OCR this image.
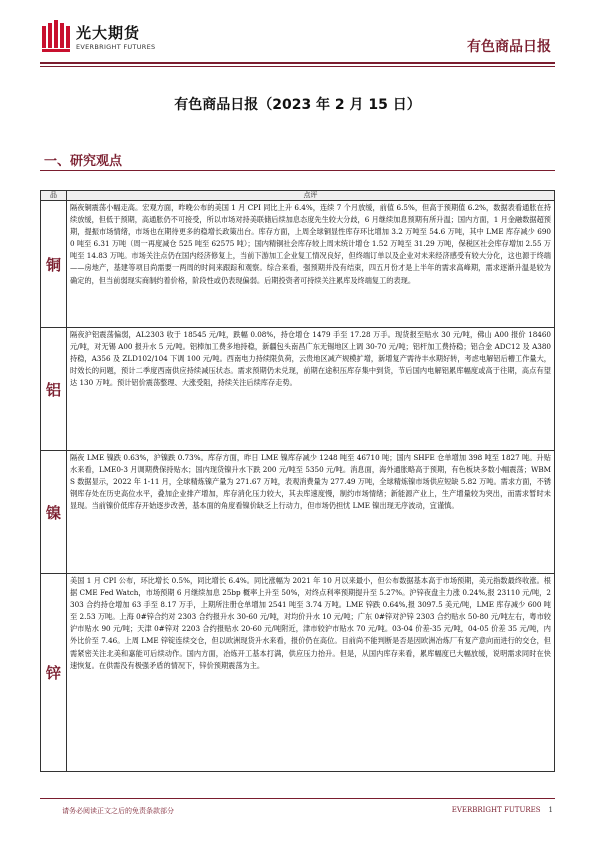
光大期货
EVERBRIGHT FUTURES	有色商品日报
有色商品日报（2023 年 2 月 15 日）
一、研究观点
品	点评
铜	隔夜铜震荡小幅走高。宏观方面，昨晚公布的美国 1 月 CPI 同比上升 6.4%，连续 7 个月放缓，前值 6.5%，但高于预期值 6.2%，数据表看通胀在持续放缓，但低于预期，高通胀仍不可接受，所以市场对持美联储后续加息态度先生较大分歧，6 月继续加息预期有所升温；国内方面，1 月金融数据超预期，提振市场情绪，市场也在期待更多的稳增长政策出台。库存方面，上周全球铜显性库存环比增加 3.2 万吨至 54.6 万吨，其中 LME 库存减少 6900 吨至 6.31 万吨（周一再度减仓 525 吨至 62575 吨）；国内精铜社会库存较上周末统计增仓 1.52 万吨至 31.29 万吨，保税区社会库存增加 2.55 万吨至 14.83 万吨。市场关注点仍在国内经济修复上，当前下游加工企业复工情况良好，但终端订单以及企业对未来经济感受有较大分化，这也源于终端——房地产，基建等项目尚需要一两周的时间来跟踪和观察。综合来看，强预期并没有结束，四五月份才是上半年的需求高峰期，需求逐渐升温是较为确定的，但当前弱现实商制约着价格，阶段性或仍表现偏弱。后期投资者可持续关注累库及终端复工的表现。

铝	隔夜沪铝震荡偏弱，AL2303 收于 18545 元/吨，跌幅 0.08%，持仓增仓 1479 手至 17.28 万手。现货报至贴水 30 元/吨，佛山 A00 报价 18460 元/吨，对无锡 A00 报升水 5 元/吨。铝棒加工费多地持稳，新疆包头南昌广东无锡地区上调 30-70 元/吨；铝杆加工费持稳；铝合金 ADC12 及 A380 持稳，A356 及 ZLD102/104 下调 100 元/吨。西南电力持续限负荷，云贵地区减产规模扩增，新增复产需待丰水期好转，考虑电解铝后槽工作量大，时效长的问题，预计二季度西南供应持续减压状态。需求预期仍未兑现，前期在途积压库存集中到货，节后国内电解铝累库幅度或高于往期，高点有望达 130 万吨。预计铝价震荡整理、大涨受阻，持续关注后续库存走势。

镍	隔夜 LME 镍跌 0.63%，沪镍跌 0.73%。库存方面，昨日 LME 镍库存减少 1248 吨至 46710 吨；国内 SHFE 仓单增加 398 吨至 1827 吨。升贴水来看，LME0-3 月调期费保持贴水；国内现货镍升水下跌 200 元/吨至 5350 元/吨。消息面，海外通胀略高于预期，有色板块多数小幅震荡；WBMS 数据显示，2022 年 1-11 月，全球精炼镍产量为 271.67 万吨，表观消费量为 277.49 万吨，全球精炼镍市场供应短缺 5.82 万吨。需求方面，不锈钢库存处在历史高位水平，叠加企业排产增加，库存消化压力较大，其去库速度慢，制约市场情绪；新能源产业上，生产增量较为突出，而需求暂时未显现。当前镍价低库存开始逐步改善，基本面的角度看镍价缺乏上行动力，但市场仍担忧 LME 镍出现无序波动，宜谨慎。

锌	美国 1 月 CPI 公布，环比增长 0.5%，同比增长 6.4%。同比涨幅为 2021 年 10 月以来最小，但公布数据基本高于市场预期，美元指数最终收涨。根据 CME Fed Watch，市场预期 6 月继续加息 25bp 概率上升至 50%，对终点利率预期提升至 5.27%。沪锌夜盘主力涨 0.24%,报 23110 元/吨，2303 合约持仓增加 63 手至 8.17 万手，上期所注册仓单增加 2541 吨至 3.74 万吨。LME 锌跌 0.64%,报 3097.5 美元/吨，LME 库存减少 600 吨至 2.53 万吨。上海 0#锌合约对 2303 合约报升水 30-60 元/吨，对均价升水 10 元/吨；广东 0#锌对沪锌 2303 合约贴水 50-80 元/吨左右，粤市较沪市贴水 90 元/吨；天津 0#锌对 2203 合约报贴水 20-60 元/吨附近，津市较沪市贴水 70 元/吨。03-04 价差-35 元/吨，04-05 价差 35 元/吨，内外比价至 7.46。上周 LME 锌锭连续交仓，但以欧洲现货升水来看，报价仍在高位。目前尚不能判断是否是因欧洲冶炼厂有复产意向而进行的交仓，但需紧密关注北美和嘉能可后续动作。国内方面，冶炼开工基本打满，供应压力抬升。但是，从国内库存来看，累库幅度已大幅放缓，说明需求同时在快速恢复。在供需没有极强矛盾的情况下，锌价预期震荡为主。
请务必阅读正文之后的免责条款部分	EVERBRIGHT FUTURES 1
